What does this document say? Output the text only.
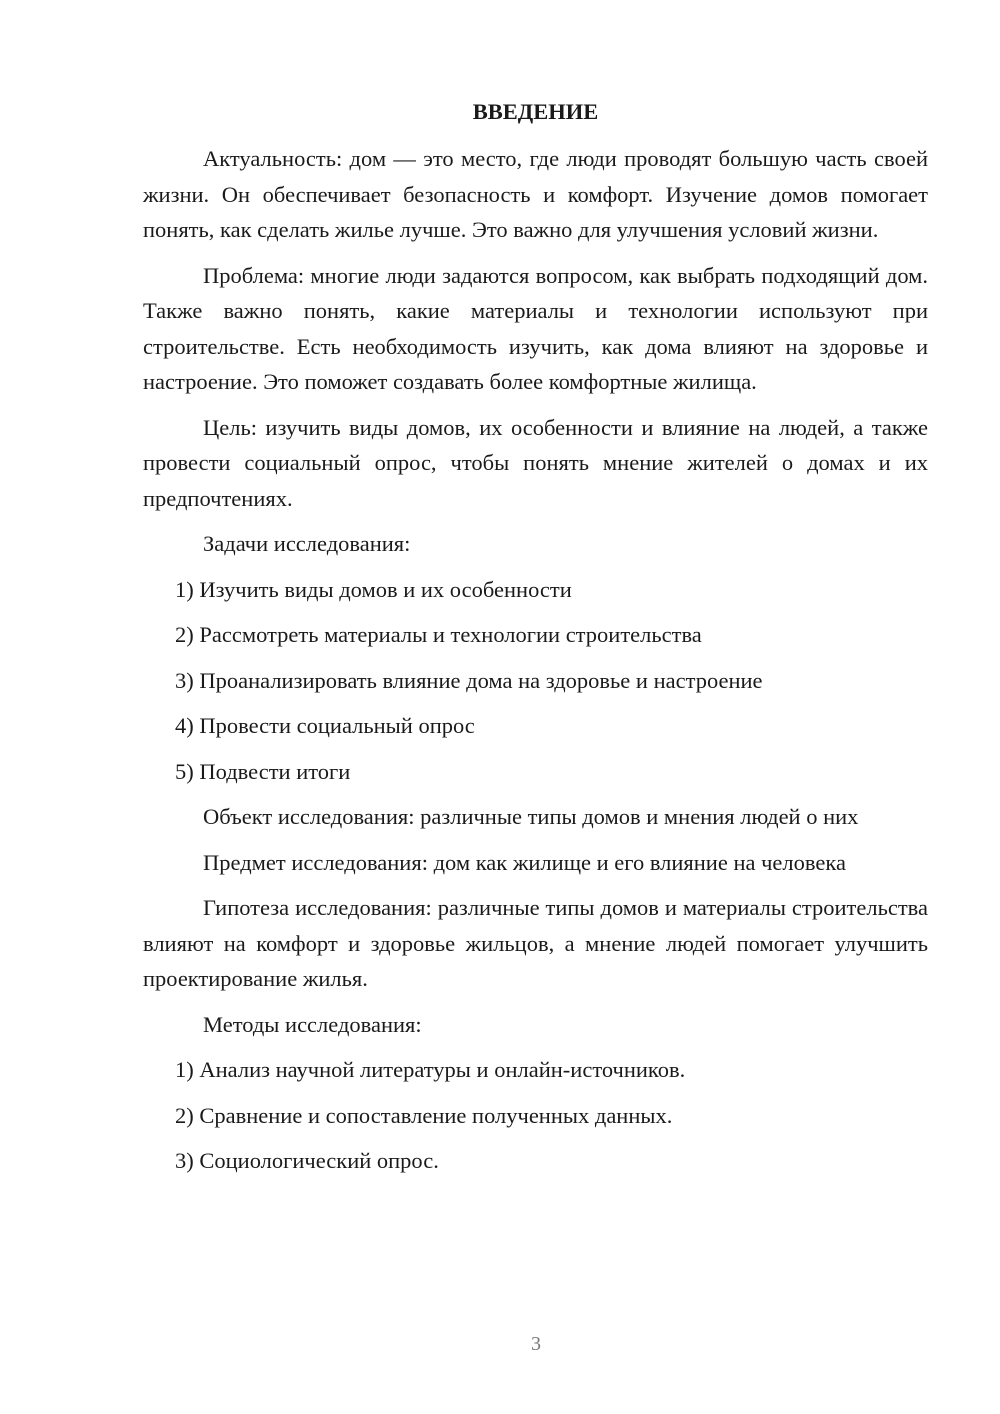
ВВЕДЕНИЕ

Актуальность: дом — это место, где люди проводят большую часть своей жизни. Он обеспечивает безопасность и комфорт. Изучение домов помогает понять, как сделать жилье лучше. Это важно для улучшения условий жизни.

Проблема: многие люди задаются вопросом, как выбрать подходящий дом. Также важно понять, какие материалы и технологии используют при строительстве. Есть необходимость изучить, как дома влияют на здоровье и настроение. Это поможет создавать более комфортные жилища.

Цель: изучить виды домов, их особенности и влияние на людей, а также провести социальный опрос, чтобы понять мнение жителей о домах и их предпочтениях.

Задачи исследования:
1) Изучить виды домов и их особенности
2) Рассмотреть материалы и технологии строительства
3) Проанализировать влияние дома на здоровье и настроение
4) Провести социальный опрос
5) Подвести итоги
Объект исследования: различные типы домов и мнения людей о них
Предмет исследования: дом как жилище и его влияние на человека

Гипотеза исследования: различные типы домов и материалы строительства влияют на комфорт и здоровье жильцов, а мнение людей помогает улучшить проектирование жилья.

Методы исследования:
1) Анализ научной литературы и онлайн-источников.
2) Сравнение и сопоставление полученных данных.
3) Социологический опрос.
3
